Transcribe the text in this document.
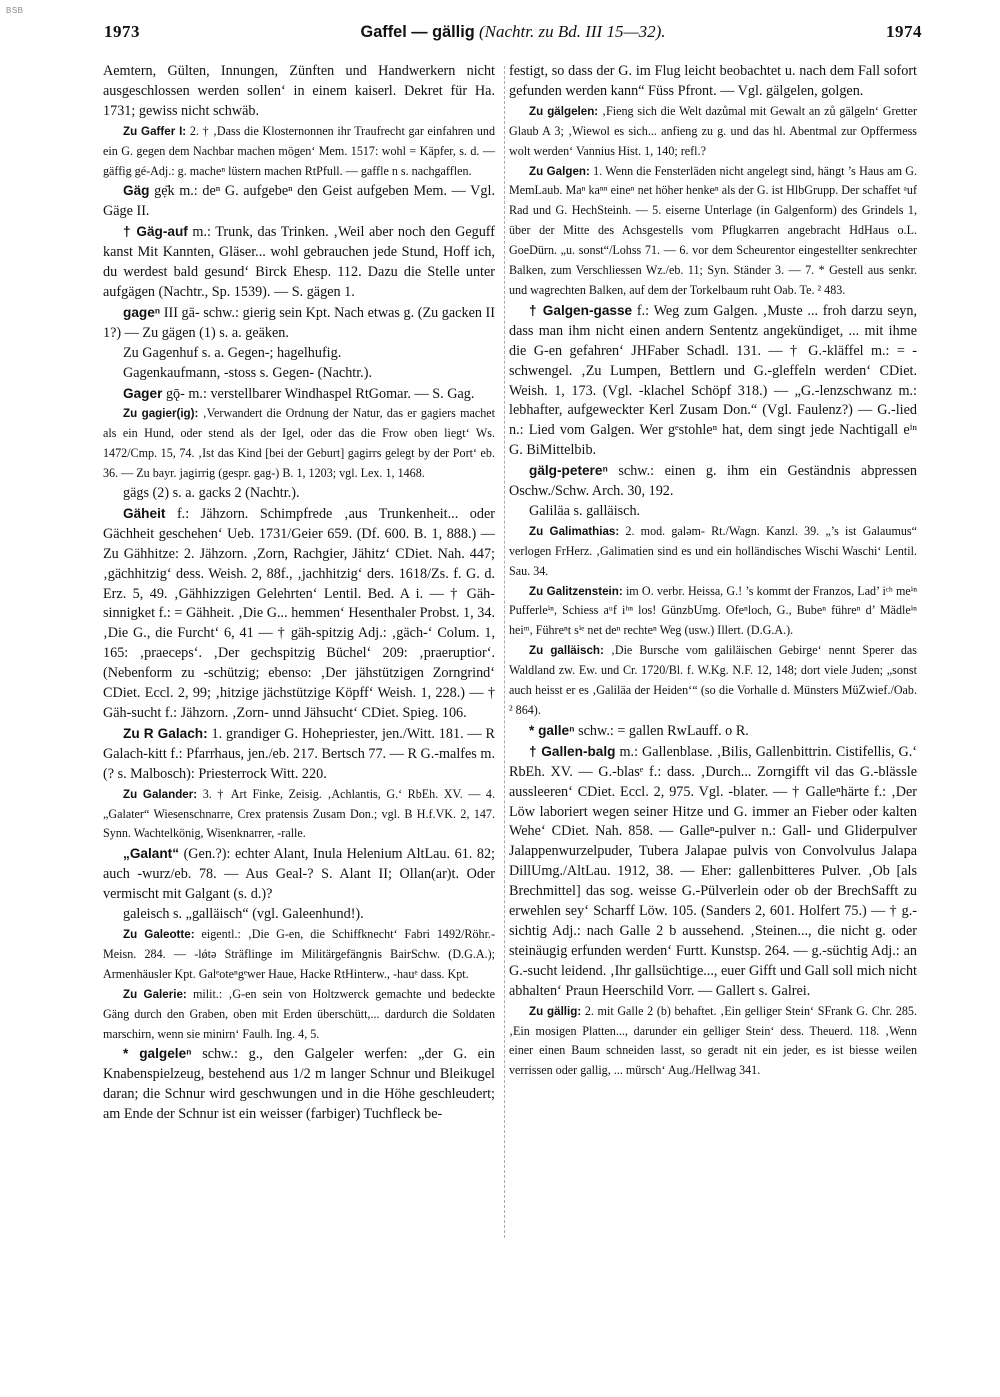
BSB
1973	Gaffel — gällig (Nachtr. zu Bd. III 15—32).	1974

Aemtern, Gülten, Innungen, Zünften und Handwerkern nicht ausgeschlossen werden sollen‘ in einem kaiserl. Dekret für Ha. 1731; gewiss nicht schwäb.

Zu Gaffer I: 2. † ‚Dass die Klosternonnen ihr Traufrecht gar einfahren und ein G. gegen dem Nachbar machen mögen‘ Mem. 1517: wohl = Käpfer, s. d. — gäffig gé-Adj.: g. macheⁿ lüstern machen RtPfull. — gaffle n s. nachgafflen.

Gäg gẹ̄k m.: deⁿ G. aufgebeⁿ den Geist aufgeben Mem. — Vgl. Gäge II.

† Gäg-auf m.: Trunk, das Trinken. ‚Weil aber noch den Geguff kanst Mit Kannten, Gläser... wohl gebrauchen jede Stund, Hoff ich, du werdest bald gesund‘ Birck Ehesp. 112. Dazu die Stelle unter aufgägen (Nachtr., Sp. 1539). — S. gägen 1.

gageⁿ III gā- schw.: gierig sein Kpt. Nach etwas g. (Zu gacken II 1?) — Zu gägen (1) s. a. geäken.

Zu Gagenhuf s. a. Gegen-; hagelhufig.

Gagenkaufmann, -stoss s. Gegen- (Nachtr.).

Gager gǭ- m.: verstellbarer Windhaspel RtGomar. — S. Gag.

Zu gagier(ig): ‚Verwandert die Ordnung der Natur, das er gagiers machet als ein Hund, oder stend als der Igel, oder das die Frow oben liegt‘ Ws. 1472/Cmp. 15, 74. ‚Ist das Kind [bei der Geburt] gagirrs gelegt by der Port‘ eb. 36. — Zu bayr. jagirrig (gespr. gag-) B. 1, 1203; vgl. Lex. 1, 1468.

gägs (2) s. a. gacks 2 (Nachtr.).

Gäheit f.: Jähzorn. Schimpfrede ‚aus Trunkenheit... oder Gächheit geschehen‘ Ueb. 1731/Geier 659. (Df. 600. B. 1, 888.) — Zu Gähhitze: 2. Jähzorn. ‚Zorn, Rachgier, Jähitz‘ CDiet. Nah. 447; ‚gächhitzig‘ dess. Weish. 2, 88f., ‚jachhitzig‘ ders. 1618/Zs. f. G. d. Erz. 5, 49. ‚Gähhizzigen Gelehrten‘ Lentil. Bed. A i. — † Gäh-sinnigket f.: = Gähheit. ‚Die G... hemmen‘ Hesenthaler Probst. 1, 34. ‚Die G., die Furcht‘ 6, 41 — † gäh-spitzig Adj.: ‚gäch-‘ Colum. 1, 165: ‚praeceps‘. ‚Der gechspitzig Büchel‘ 209: ‚praeruptior‘. (Nebenform zu -schützig; ebenso: ‚Der jähstützigen Zorngrind‘ CDiet. Eccl. 2, 99; ‚hitzige jächstützige Köpff‘ Weish. 1, 228.) — † Gäh-sucht f.: Jähzorn. ‚Zorn- unnd Jähsucht‘ CDiet. Spieg. 106.

Zu R Galach: 1. grandiger G. Hohepriester, jen./Witt. 181. — R Galach-kitt f.: Pfarrhaus, jen./eb. 217. Bertsch 77. — R G.-malfes m. (? s. Malbosch): Priesterrock Witt. 220.

Zu Galander: 3. † Art Finke, Zeisig. ‚Achlantis, G.‘ RbEh. XV. — 4. „Galater“ Wiesenschnarre, Crex pratensis Zusam Don.; vgl. B H.f.VK. 2, 147. Synn. Wachtelkönig, Wisenknarrer, -ralle.

„Galant“ (Gen.?): echter Alant, Inula Helenium AltLau. 61. 82; auch -wurz/eb. 78. — Aus Geal-? S. Alant II; Ollan(ar)t. Oder vermischt mit Galgant (s. d.)?

galeisch s. „galläisch“ (vgl. Galeenhund!).

Zu Galeotte: eigentl.: ‚Die G-en, die Schiffknecht‘ Fabri 1492/Röhr.-Meisn. 284. — -lǿtə Sträflinge im Militärgefängnis BairSchw. (D.G.A.); Armenhäusler Kpt. Galᵉoteⁿgᵉwer Haue, Hacke RtHinterw., -hauᵉ dass. Kpt.

Zu Galerie: milit.: ‚G-en sein von Holtzwerck gemachte und bedeckte Gäng durch den Graben, oben mit Erden überschütt,... dardurch die Soldaten marschirn, wenn sie minirn‘ Faulh. Ing. 4, 5.

* galgeleⁿ schw.: g., den Galgeler werfen: „der G. ein Knabenspielzeug, bestehend aus 1/2 m langer Schnur und Bleikugel daran; die Schnur wird geschwungen und in die Höhe geschleudert; am Ende der Schnur ist ein weisser (farbiger) Tuchfleck be-

festigt, so dass der G. im Flug leicht beobachtet u. nach dem Fall sofort gefunden werden kann“ Füss Pfront. — Vgl. gälgelen, golgen.

Zu gälgelen: ‚Fieng sich die Welt dazůmal mit Gewalt an zů gälgeln‘ Gretter Glaub A 3; ‚Wiewol es sich... anfieng zu g. und das hl. Abentmal zur Opffermess wolt werden‘ Vannius Hist. 1, 140; refl.?

Zu Galgen: 1. Wenn die Fensterläden nicht angelegt sind, hängt ’s Haus am G. MemLaub. Maⁿ kaⁿⁿ eineⁿ net höher henkeⁿ als der G. ist HlbGrupp. Der schaffet ᵃuf Rad und G. HechSteinh. — 5. eiserne Unterlage (in Galgenform) des Grindels 1, über der Mitte des Achsgestells vom Pflugkarren angebracht HdHaus o.L. GoeDürn. „u. sonst“/Lohss 71. — 6. vor dem Scheurentor eingestellter senkrechter Balken, zum Verschliessen Wz./eb. 11; Syn. Ständer 3. — 7. * Gestell aus senkr. und wagrechten Balken, auf dem der Torkelbaum ruht Oab. Te. ² 483.

† Galgen-gasse f.: Weg zum Galgen. ‚Muste ... froh darzu seyn, dass man ihm nicht einen andern Sententz angekündiget, ... mit ihme die G-en gefahren‘ JHFaber Schadl. 131. — † G.-kläffel m.: = -schwengel. ‚Zu Lumpen, Bettlern und G.-gleffeln werden‘ CDiet. Weish. 1, 173. (Vgl. -klachel Schöpf 318.) — „G.-lenzschwanz m.: lebhafter, aufgeweckter Kerl Zusam Don.“ (Vgl. Faulenz?) — G.-lied n.: Lied vom Galgen. Wer gᵉstohleⁿ hat, dem singt jede Nachtigall eⁱⁿ G. BiMittelbib.

gälg-petereⁿ schw.: einen g. ihm ein Geständnis abpressen Oschw./Schw. Arch. 30, 192.

Galiläa s. galläisch.

Zu Galimathias: 2. mod. galəm- Rt./Wagn. Kanzl. 39. „’s ist Galaumus“ verlogen FrHerz. ‚Galimatien sind es und ein holländisches Wischi Waschi‘ Lentil. Sau. 34.

Zu Galitzenstein: im O. verbr. Heissa, G.! ’s kommt der Franzos, Lad’ iᶜʰ meⁱⁿ Pufferleⁱⁿ, Schiess aᵘf iʰⁿ los! GünzbUmg. Ofeⁿloch, G., Bubeⁿ führeⁿ d’ Mädleⁱⁿ heiᵐ, Führeⁿt sⁱᵉ net deⁿ rechteⁿ Weg (usw.) Illert. (D.G.A.).

Zu galläisch: ‚Die Bursche vom galiläischen Gebirge‘ nennt Sperer das Waldland zw. Ew. und Cr. 1720/Bl. f. W.Kg. N.F. 12, 148; dort viele Juden; „sonst auch heisst er es ‚Galiläa der Heiden‘“ (so die Vorhalle d. Münsters MüZwief./Oab. ² 864).

* galleⁿ schw.: = gallen RwLauff. o R.

† Gallen-balg m.: Gallenblase. ‚Bilis, Gallenbittrin. Cistifellis, G.‘ RbEh. XV. — G.-blasᵉ f.: dass. ‚Durch... Zorngifft vil das G.-blässle ausslееren‘ CDiet. Eccl. 2, 975. Vgl. -blater. — † Galleⁿhärte f.: ‚Der Löw laboriert wegen seiner Hitze und G. immer an Fieber oder kalten Wehe‘ CDiet. Nah. 858. — Galleⁿ-pulver n.: Gall- und Gliderpulver Jalappenwurzelpuder, Tubera Jalapae pulvis von Convolvulus Jalapa DillUmg./AltLau. 1912, 38. — Eher: gallenbitteres Pulver. ‚Ob [als Brechmittel] das sog. weisse G.-Pülverlein oder ob der BrechSafft zu erwehlen sey‘ Scharff Löw. 105. (Sanders 2, 601. Holfert 75.) — † g.-sichtig Adj.: nach Galle 2 b aussehend. ‚Steinen..., die nicht g. oder steinäugig erfunden werden‘ Furtt. Kunstsp. 264. — g.-süchtig Adj.: an G.-sucht leidend. ‚Ihr gallsüchtige..., euer Gifft und Gall soll mich nicht abhalten‘ Praun Heerschild Vorr. — Gallert s. Galrei.

Zu gällig: 2. mit Galle 2 (b) behaftet. ‚Ein gelliger Stein‘ SFrank G. Chr. 285. ‚Ein mosigen Platten..., darunder ein gelliger Stein‘ dess. Theuerd. 118. ‚Wenn einer einen Baum schneiden lasst, so geradt nit ein jeder, es ist biesse weilen verrissen oder gallig, ... mürsch‘ Aug./Hellwag 341.
